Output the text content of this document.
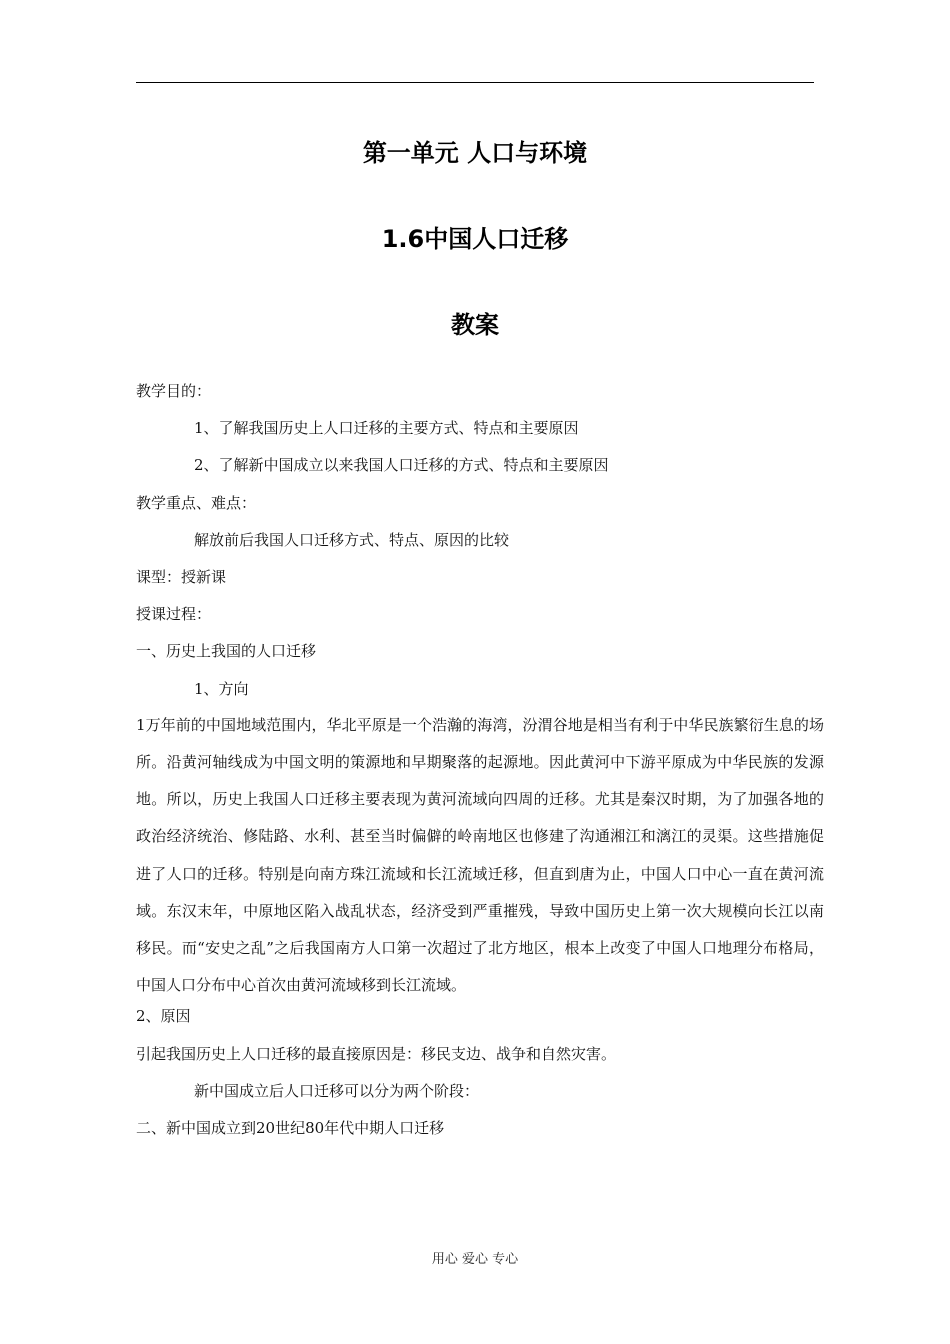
第一单元 人口与环境
1.6中国人口迁移
教案
教学目的：
1、了解我国历史上人口迁移的主要方式、特点和主要原因
2、了解新中国成立以来我国人口迁移的方式、特点和主要原因
教学重点、难点：
解放前后我国人口迁移方式、特点、原因的比较
课型：授新课
授课过程：
一、历史上我国的人口迁移
1、方向

1万年前的中国地域范围内，华北平原是一个浩瀚的海湾，汾渭谷地是相当有利于中华民族繁衍生息的场所。沿黄河轴线成为中国文明的策源地和早期聚落的起源地。因此黄河中下游平原成为中华民族的发源地。所以，历史上我国人口迁移主要表现为黄河流域向四周的迁移。尤其是秦汉时期，为了加强各地的政治经济统治、修陆路、水利、甚至当时偏僻的岭南地区也修建了沟通湘江和漓江的灵渠。这些措施促进了人口的迁移。特别是向南方珠江流域和长江流域迁移，但直到唐为止，中国人口中心一直在黄河流域。东汉末年，中原地区陷入战乱状态，经济受到严重摧残，导致中国历史上第一次大规模向长江以南移民。而“安史之乱”之后我国南方人口第一次超过了北方地区，根本上改变了中国人口地理分布格局，中国人口分布中心首次由黄河流域移到长江流域。

2、原因
引起我国历史上人口迁移的最直接原因是：移民支边、战争和自然灾害。
新中国成立后人口迁移可以分为两个阶段：
二、新中国成立到20世纪80年代中期人口迁移
用心 爱心 专心
